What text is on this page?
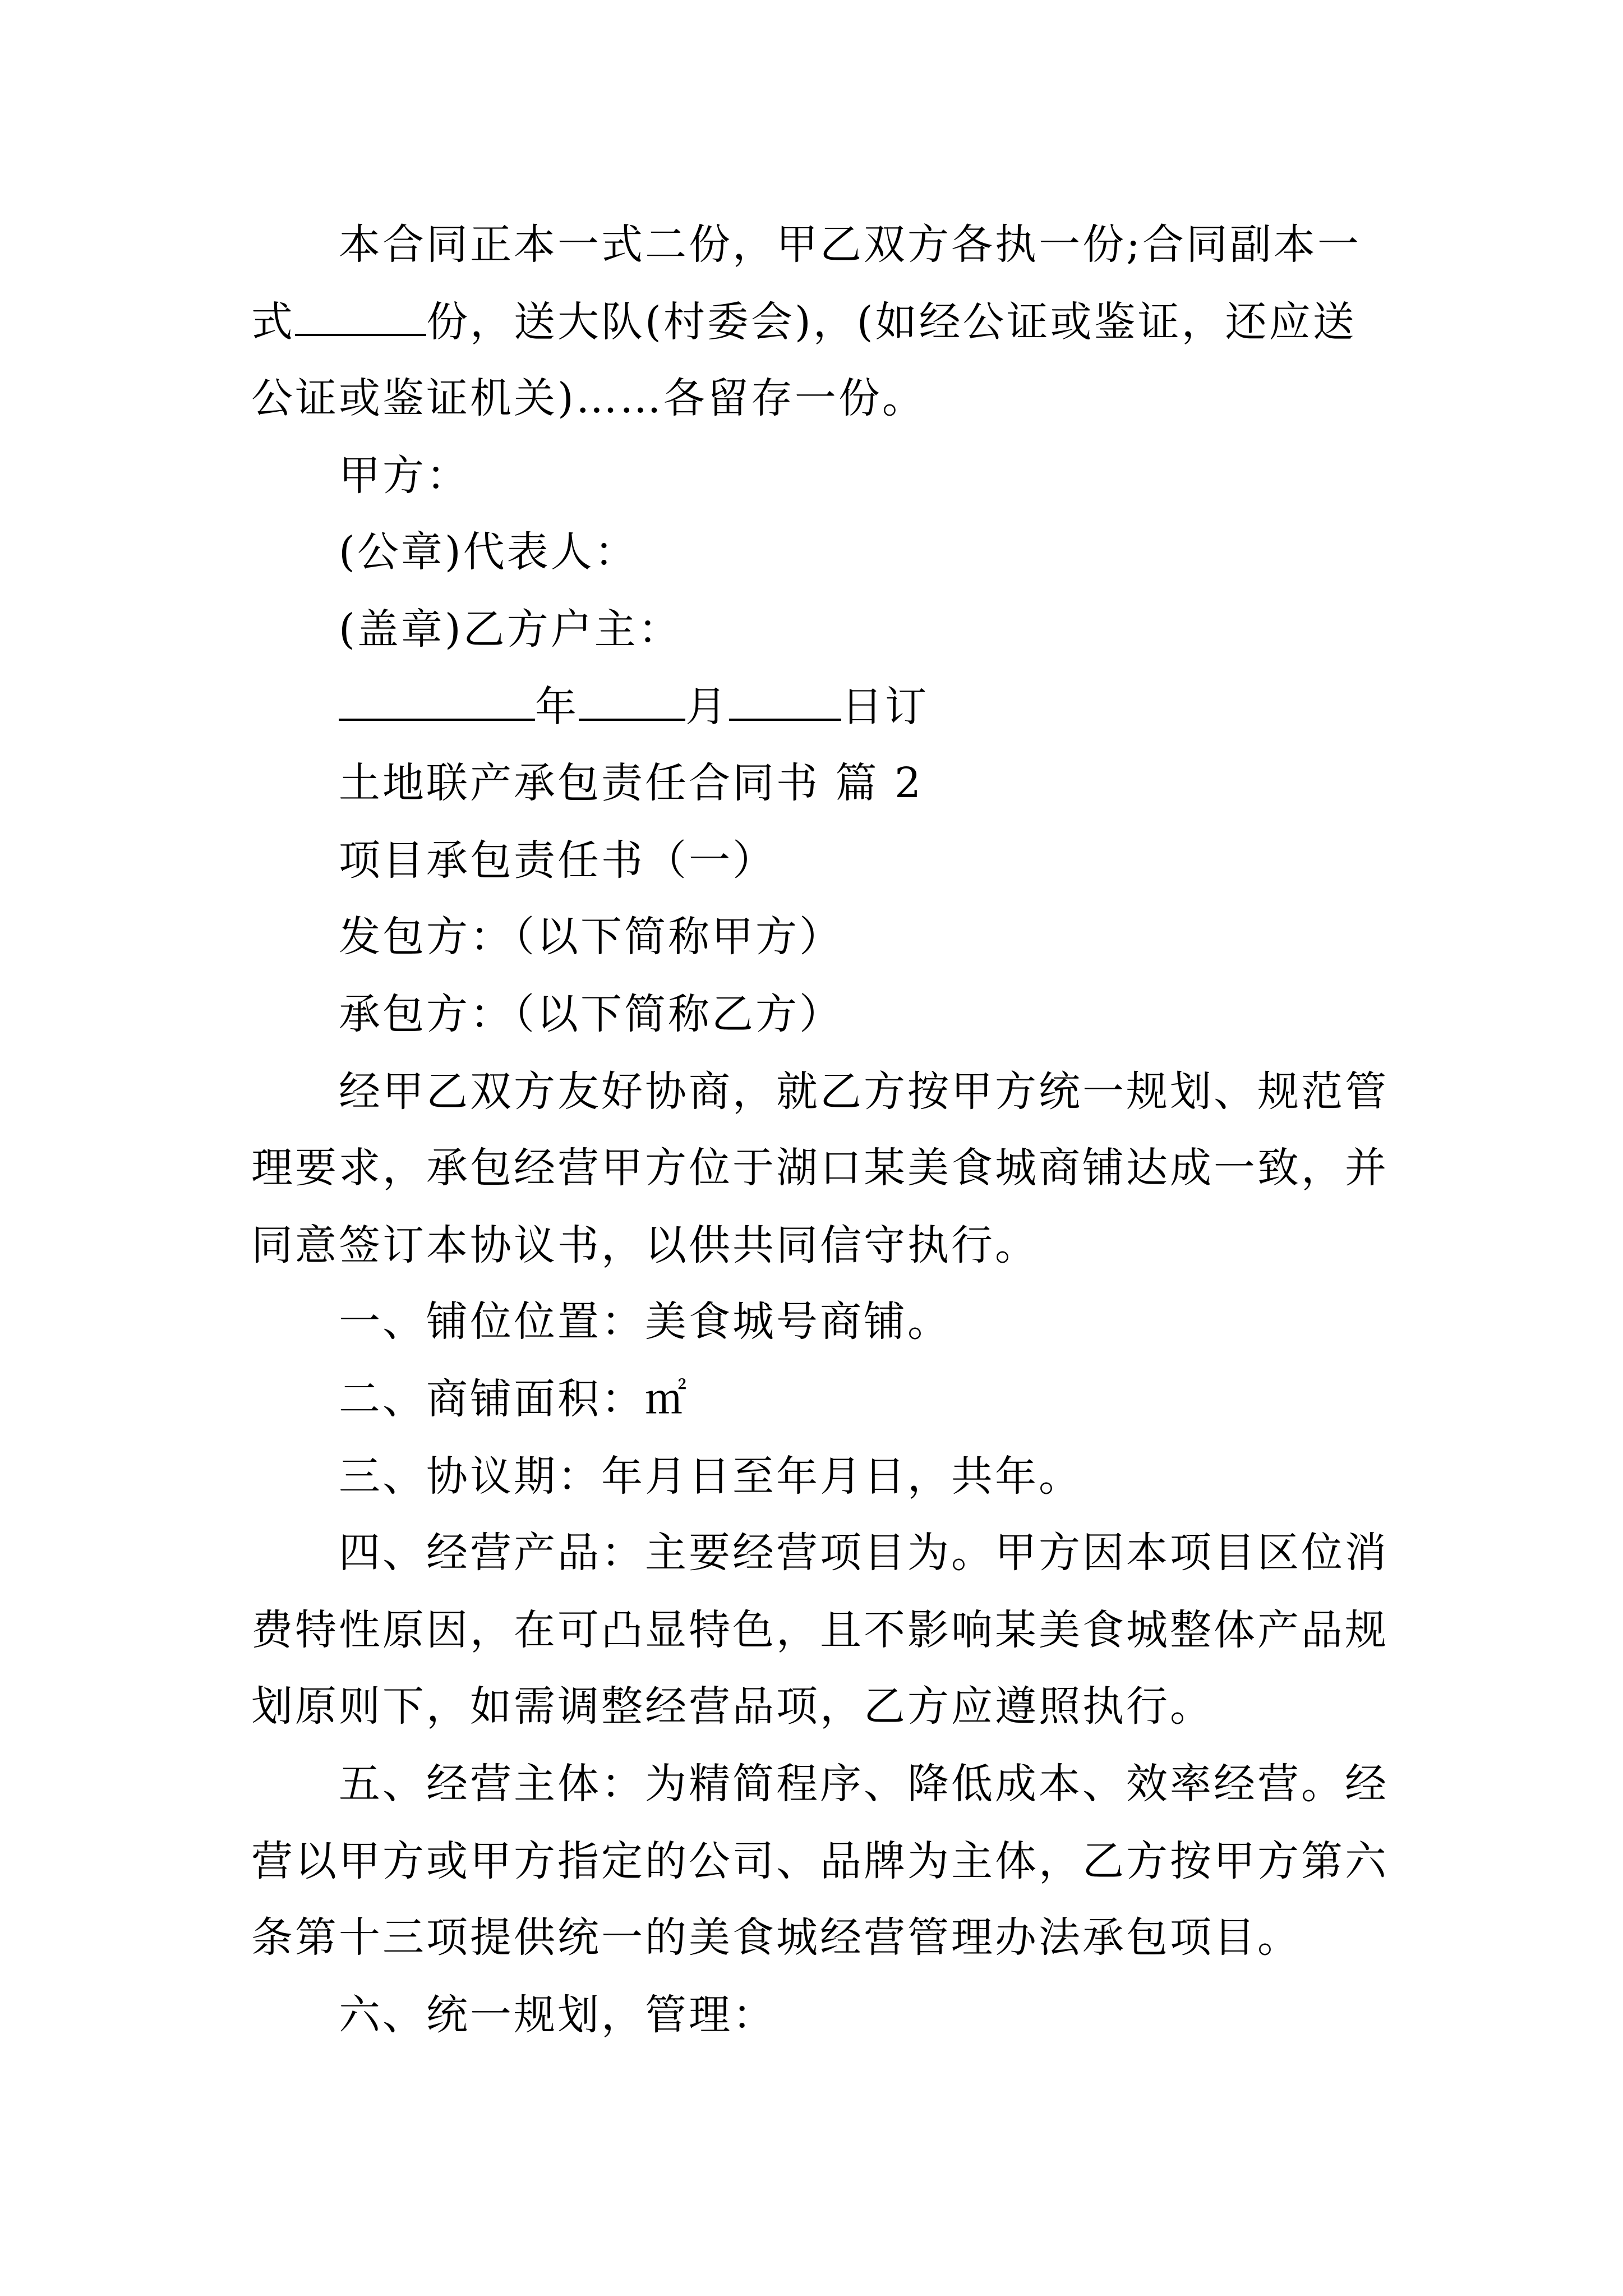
本合同正本一式二份，甲乙双方各执一份;合同副本一
式	份，送大队(村委会)，(如经公证或鉴证，还应送
公证或鉴证机关)……各留存一份。
甲方：
(公章)代表人：
(盖章)乙方户主：
年	月	日订
土地联产承包责任合同书 篇 2
项目承包责任书（一）
发包方：（以下简称甲方）
承包方：（以下简称乙方）
经甲乙双方友好协商，就乙方按甲方统一规划、规范管
理要求，承包经营甲方位于湖口某美食城商铺达成一致，并
同意签订本协议书，以供共同信守执行。
一、铺位位置：美食城号商铺。
二、商铺面积：㎡
三、协议期：年月日至年月日，共年。
四、经营产品：主要经营项目为。甲方因本项目区位消
费特性原因，在可凸显特色，且不影响某美食城整体产品规
划原则下，如需调整经营品项，乙方应遵照执行。
五、经营主体：为精简程序、降低成本、效率经营。经
营以甲方或甲方指定的公司、品牌为主体，乙方按甲方第六
条第十三项提供统一的美食城经营管理办法承包项目。
六、统一规划，管理：
